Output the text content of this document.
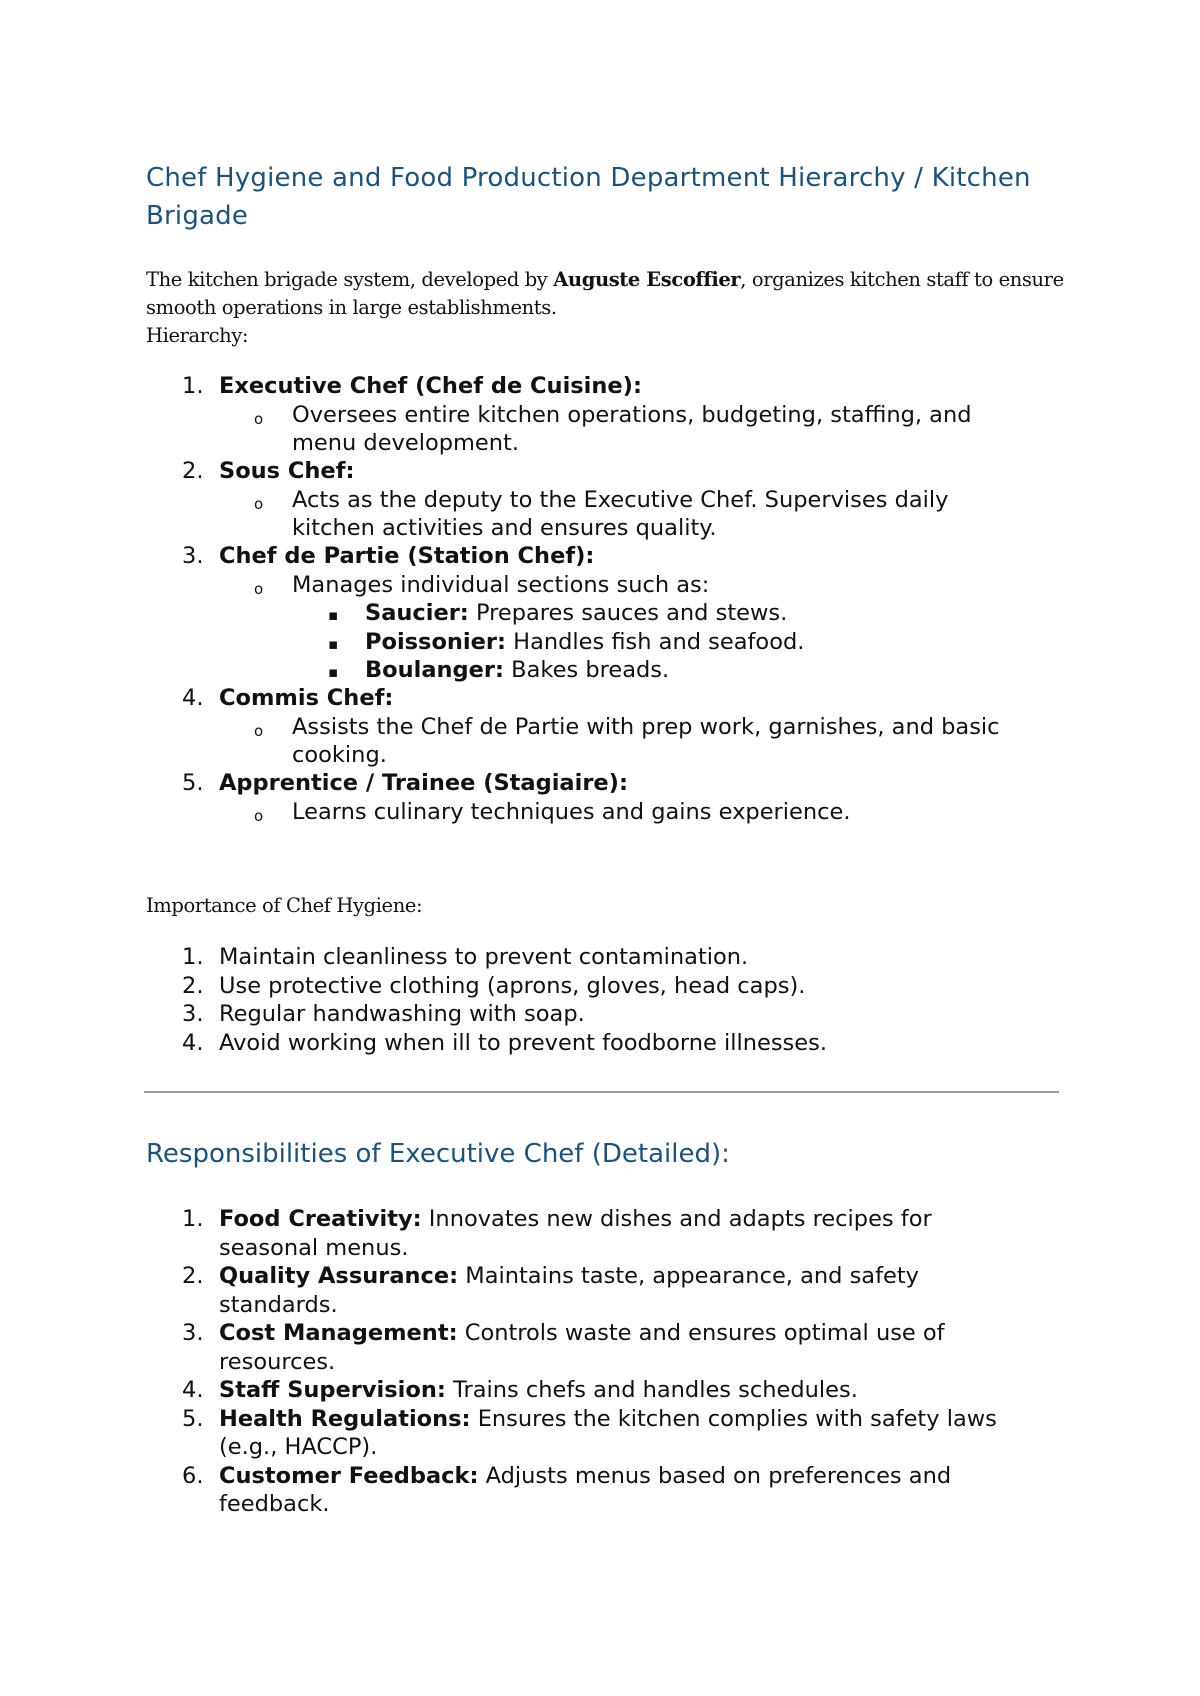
Chef Hygiene and Food Production Department Hierarchy / Kitchen Brigade

The kitchen brigade system, developed by Auguste Escoffier, organizes kitchen staff to ensure smooth operations in large establishments.

Hierarchy:

1. Executive Chef (Chef de Cuisine):
o Oversees entire kitchen operations, budgeting, staffing, and
menu development.
2. Sous Chef:
o Acts as the deputy to the Executive Chef. Supervises daily
kitchen activities and ensures quality.
3. Chef de Partie (Station Chef):
o Manages individual sections such as:
▪ Saucier: Prepares sauces and stews.
▪ Poissonier: Handles fish and seafood.
▪ Boulanger: Bakes breads.
4. Commis Chef:
o Assists the Chef de Partie with prep work, garnishes, and basic
cooking.
5. Apprentice / Trainee (Stagiaire):
o Learns culinary techniques and gains experience.

Importance of Chef Hygiene:

1. Maintain cleanliness to prevent contamination.
2. Use protective clothing (aprons, gloves, head caps).
3. Regular handwashing with soap.
4. Avoid working when ill to prevent foodborne illnesses.
Responsibilities of Executive Chef (Detailed):
1. Food Creativity: Innovates new dishes and adapts recipes for
seasonal menus.
2. Quality Assurance: Maintains taste, appearance, and safety
standards.
3. Cost Management: Controls waste and ensures optimal use of
resources.
4. Staff Supervision: Trains chefs and handles schedules.
5. Health Regulations: Ensures the kitchen complies with safety laws
(e.g., HACCP).
6. Customer Feedback: Adjusts menus based on preferences and
feedback.
